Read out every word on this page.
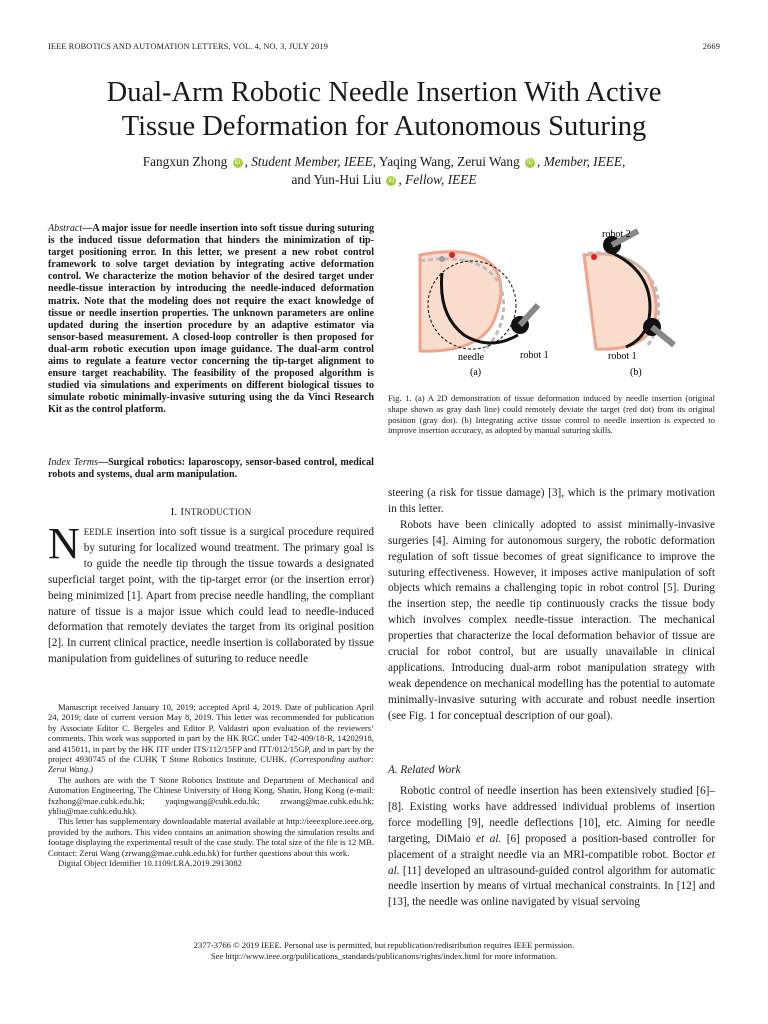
IEEE ROBOTICS AND AUTOMATION LETTERS, VOL. 4, NO. 3, JULY 2019	2669
Dual-Arm Robotic Needle Insertion With Active
Tissue Deformation for Autonomous Suturing
Fangxun Zhong iD , Student Member, IEEE, Yaqing Wang, Zerui Wang iD , Member, IEEE,
and Yun-Hui Liu iD , Fellow, IEEE
Abstract—A major issue for needle insertion into soft tissue during suturing is the induced tissue deformation that hinders the minimization of tip-target positioning error. In this letter, we present a new robot control framework to solve target deviation by integrating active deformation control. We characterize the motion behavior of the desired target under needle-tissue interaction by introducing the needle-induced deformation matrix. Note that the modeling does not require the exact knowledge of tissue or needle insertion properties. The unknown parameters are online updated during the insertion procedure by an adaptive estimator via sensor-based measurement. A closed-loop controller is then proposed for dual-arm robotic execution upon image guidance. The dual-arm control aims to regulate a feature vector concerning the tip-target alignment to ensure target reachability. The feasibility of the proposed algorithm is studied via simulations and experiments on different biological tissues to simulate robotic minimally-invasive suturing using the da Vinci Research Kit as the control platform.
Index Terms—Surgical robotics: laparoscopy, sensor-based control, medical robots and systems, dual arm manipulation.
I. INTRODUCTION
NEEDLE insertion into soft tissue is a surgical procedure required by suturing for localized wound treatment. The primary goal is to guide the needle tip through the tissue towards a designated superficial target point, with the tip-target error (or the insertion error) being minimized [1]. Apart from precise needle handling, the compliant nature of tissue is a major issue which could lead to needle-induced deformation that remotely deviates the target from its original position [2]. In current clinical practice, needle insertion is collaborated by tissue manipulation from guidelines of suturing to reduce needle

Manuscript received January 10, 2019; accepted April 4, 2019. Date of publication April 24, 2019; date of current version May 8, 2019. This letter was recommended for publication by Associate Editor C. Bergeles and Editor P. Valdastri upon evaluation of the reviewers’ comments. This work was supported in part by the HK RGC under T42-409/18-R, 14202918, and 415011, in part by the HK ITF under ITS/112/15FP and ITT/012/15GP, and in part by the project 4930745 of the CUHK T Stone Robotics Institute, CUHK. (Corresponding author: Zerui Wang.)

The authors are with the T Stone Robotics Institute and Department of Mechanical and Automation Engineering, The Chinese University of Hong Kong, Shatin, Hong Kong (e-mail: fxzhong@mae.cuhk.edu.hk; yaqingwang@cuhk.edu.hk; zrwang@mae.cuhk.edu.hk; yhliu@mae.cuhk.edu.hk).

This letter has supplementary downloadable material available at http://ieeexplore.ieee.org, provided by the authors. This video contains an animation showing the simulation results and footage displaying the experimental result of the case study. The total size of the file is 12 MB. Contact: Zerui Wang (zrwang@mae.cuhk.edu.hk) for further questions about this work.

Digital Object Identifier 10.1109/LRA.2019.2913082

needle	robot 1
(a)
robot 2
robot 1
(b)
Fig. 1. (a) A 2D demonstration of tissue deformation induced by needle insertion (original shape shown as gray dash line) could remotely deviate the target (red dot) from its original position (gray dot). (b) Integrating active tissue control to needle insertion is expected to improve insertion accuracy, as adopted by manual suturing skills.

steering (a risk for tissue damage) [3], which is the primary motivation in this letter.

Robots have been clinically adopted to assist minimally-invasive surgeries [4]. Aiming for autonomous surgery, the robotic deformation regulation of soft tissue becomes of great significance to improve the suturing effectiveness. However, it imposes active manipulation of soft objects which remains a challenging topic in robot control [5]. During the insertion step, the needle tip continuously cracks the tissue body which involves complex needle-tissue interaction. The mechanical properties that characterize the local deformation behavior of tissue are crucial for robot control, but are usually unavailable in clinical applications. Introducing dual-arm robot manipulation strategy with weak dependence on mechanical modelling has the potential to automate minimally-invasive suturing with accurate and robust needle insertion (see Fig. 1 for conceptual description of our goal).

A. Related Work

Robotic control of needle insertion has been extensively studied [6]–[8]. Existing works have addressed individual problems of insertion force modelling [9], needle deflections [10], etc. Aiming for needle targeting, DiMaio et al. [6] proposed a position-based controller for placement of a straight needle via an MRI-compatible robot. Boctor et al. [11] developed an ultrasound-guided control algorithm for automatic needle insertion by means of virtual mechanical constraints. In [12] and [13], the needle was online navigated by visual servoing

2377-3766 © 2019 IEEE. Personal use is permitted, but republication/redistribution requires IEEE permission.
See http://www.ieee.org/publications_standards/publications/rights/index.html for more information.
